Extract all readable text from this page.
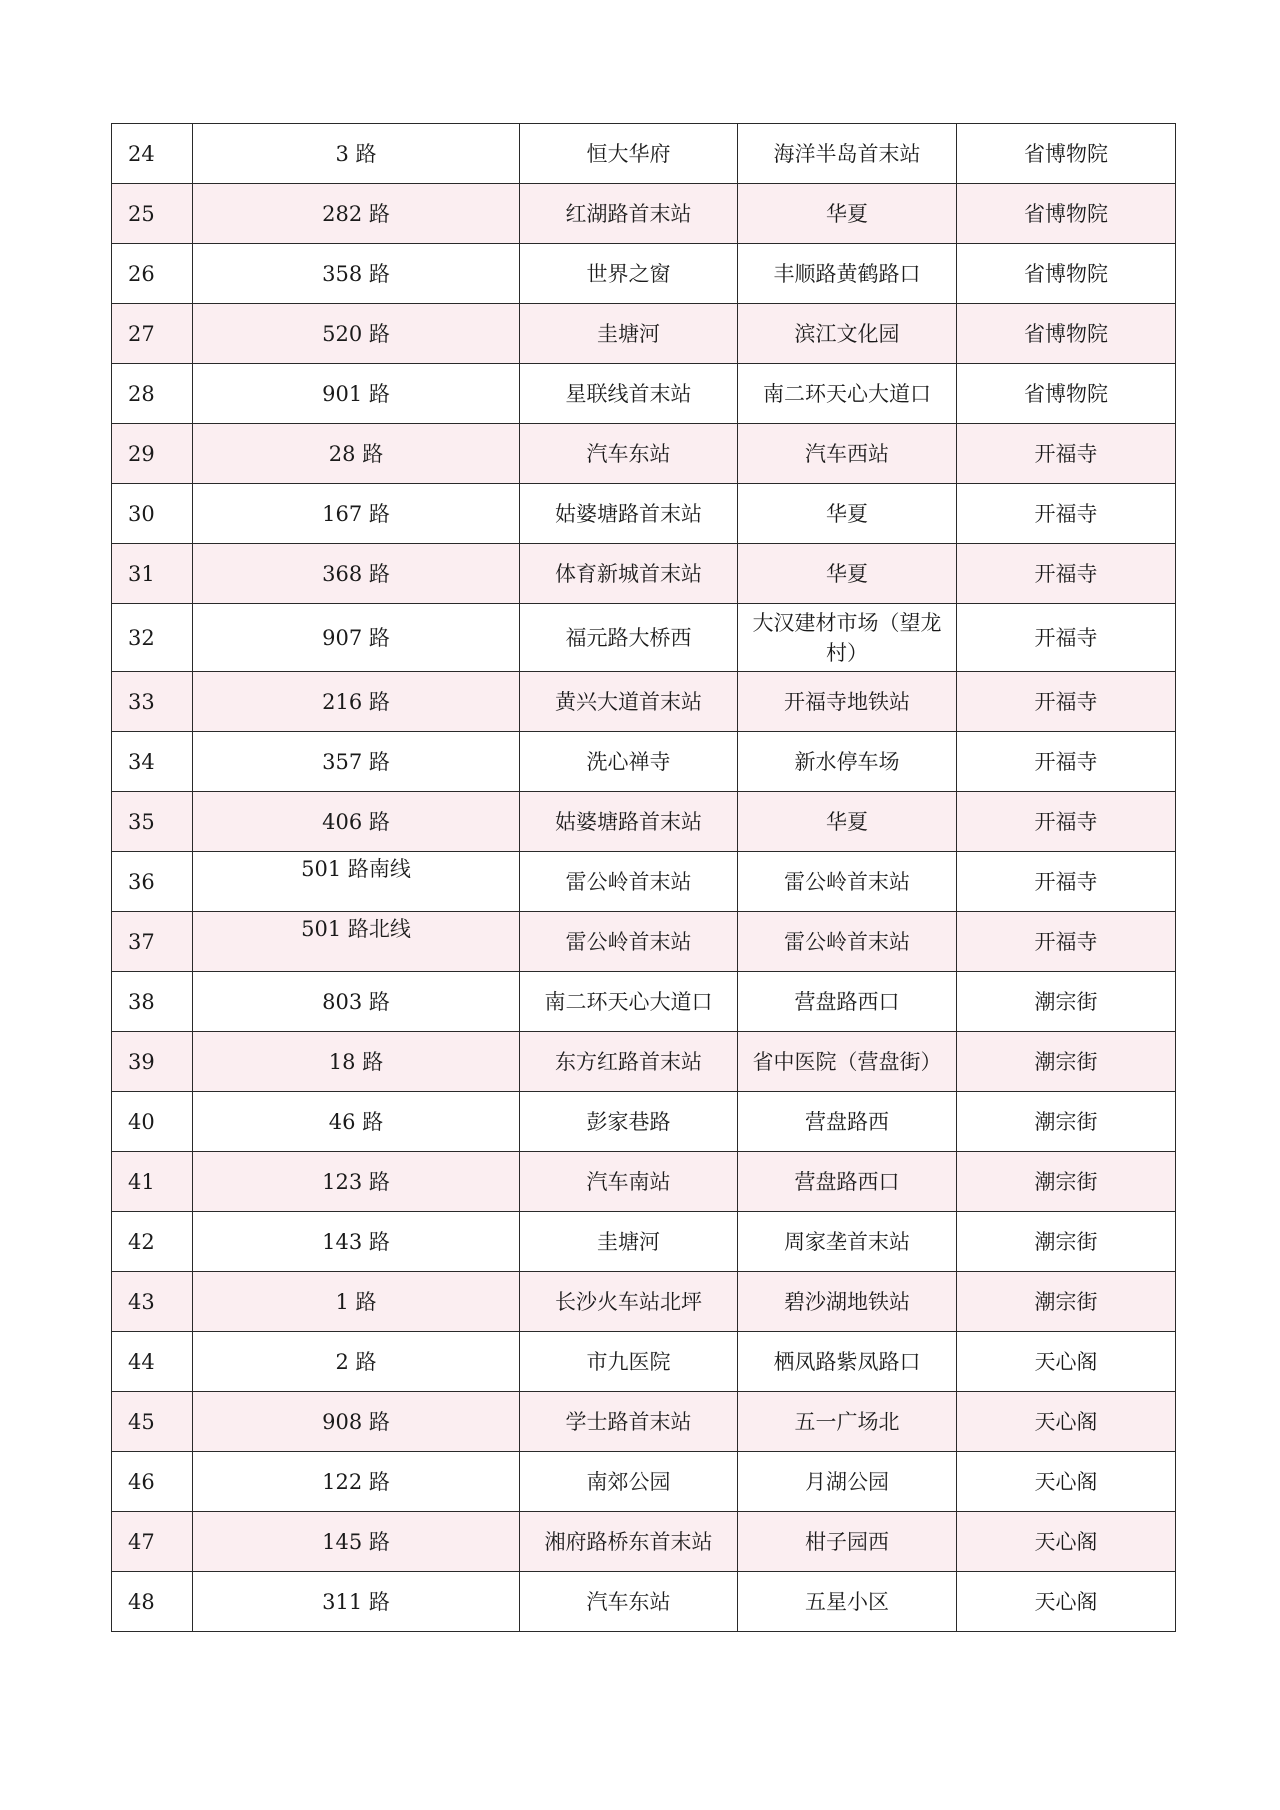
24	3 路	恒大华府	海洋半岛首末站	省博物院
25	282 路	红湖路首末站	华夏	省博物院
26	358 路	世界之窗	丰顺路黄鹤路口	省博物院
27	520 路	圭塘河	滨江文化园	省博物院
28	901 路	星联线首末站	南二环天心大道口	省博物院
29	28 路	汽车东站	汽车西站	开福寺
30	167 路	姑婆塘路首末站	华夏	开福寺
31	368 路	体育新城首末站	华夏	开福寺
32	907 路	福元路大桥西	大汉建材市场（望龙村）	开福寺
33	216 路	黄兴大道首末站	开福寺地铁站	开福寺
34	357 路	洗心禅寺	新水停车场	开福寺
35	406 路	姑婆塘路首末站	华夏	开福寺
36	501 路南线	雷公岭首末站	雷公岭首末站	开福寺
37	501 路北线	雷公岭首末站	雷公岭首末站	开福寺
38	803 路	南二环天心大道口	营盘路西口	潮宗街
39	18 路	东方红路首末站	省中医院（营盘街）	潮宗街
40	46 路	彭家巷路	营盘路西	潮宗街
41	123 路	汽车南站	营盘路西口	潮宗街
42	143 路	圭塘河	周家垄首末站	潮宗街
43	1 路	长沙火车站北坪	碧沙湖地铁站	潮宗街
44	2 路	市九医院	栖凤路紫凤路口	天心阁
45	908 路	学士路首末站	五一广场北	天心阁
46	122 路	南郊公园	月湖公园	天心阁
47	145 路	湘府路桥东首末站	柑子园西	天心阁
48	311 路	汽车东站	五星小区	天心阁
